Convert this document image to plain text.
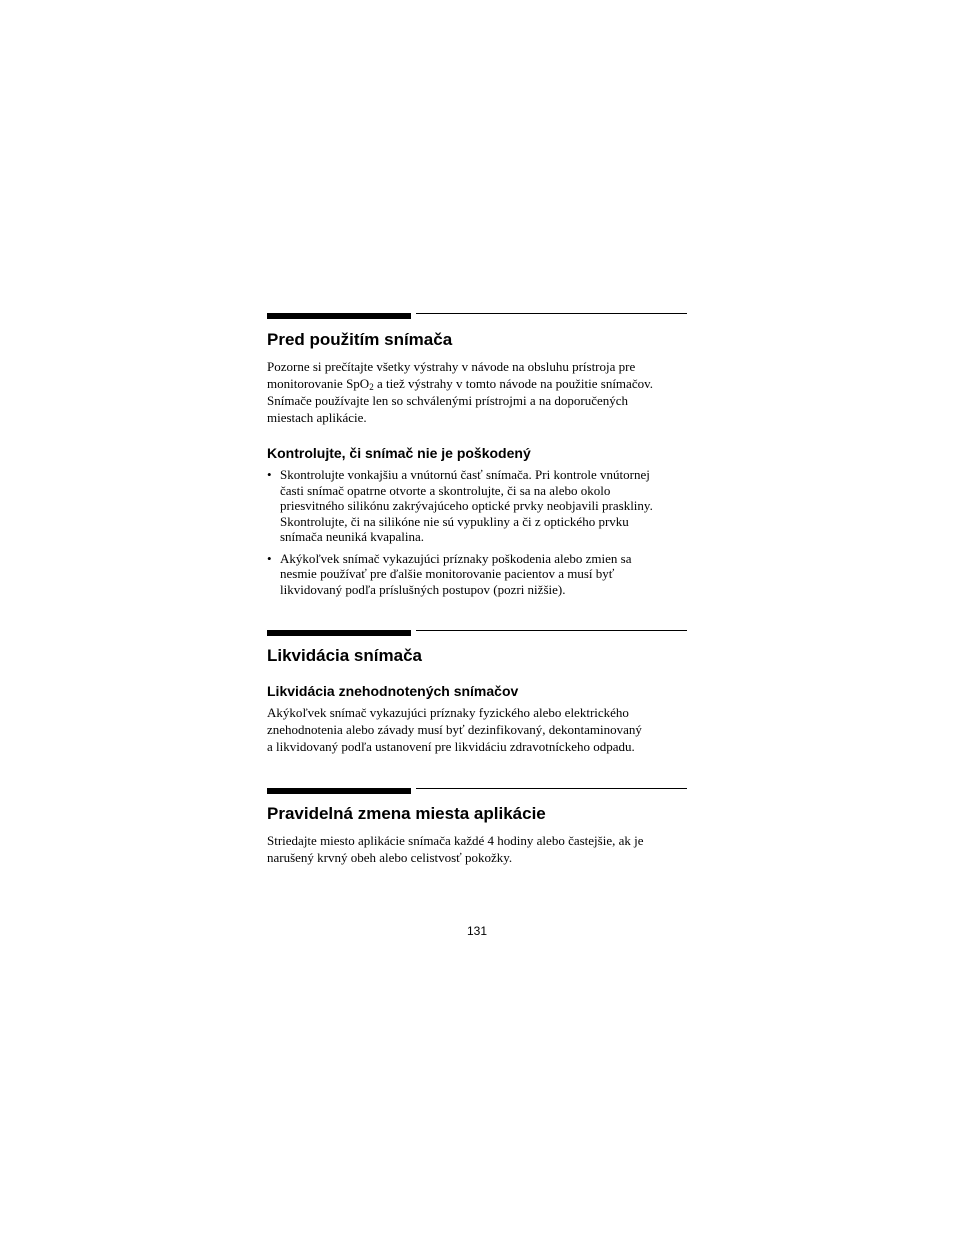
Pred použitím snímača
Pozorne si prečítajte všetky výstrahy v návode na obsluhu prístroja pre
monitorovanie SpO$_2$ a tiež výstrahy v tomto návode na použitie snímačov.
Snímače používajte len so schválenými prístrojmi a na doporučených
miestach aplikácie.
Kontrolujte, či snímač nie je poškodený
• Skontrolujte vonkajšiu a vnútornú časť snímača. Pri kontrole vnútornej
časti snímač opatrne otvorte a skontrolujte, či sa na alebo okolo
priesvitného silikónu zakrývajúceho optické prvky neobjavili praskliny.
Skontrolujte, či na silikóne nie sú vypukliny a či z optického prvku
snímača neuniká kvapalina.
• Akýkoľvek snímač vykazujúci príznaky poškodenia alebo zmien sa
nesmie používať pre ďalšie monitorovanie pacientov a musí byť
likvidovaný podľa príslušných postupov (pozri nižšie).
Likvidácia snímača
Likvidácia znehodnotených snímačov
Akýkoľvek snímač vykazujúci príznaky fyzického alebo elektrického
znehodnotenia alebo závady musí byť dezinfikovaný, dekontaminovaný
a likvidovaný podľa ustanovení pre likvidáciu zdravotníckeho odpadu.
Pravidelná zmena miesta aplikácie
Striedajte miesto aplikácie snímača každé 4 hodiny alebo častejšie, ak je
narušený krvný obeh alebo celistvosť pokožky.
131
